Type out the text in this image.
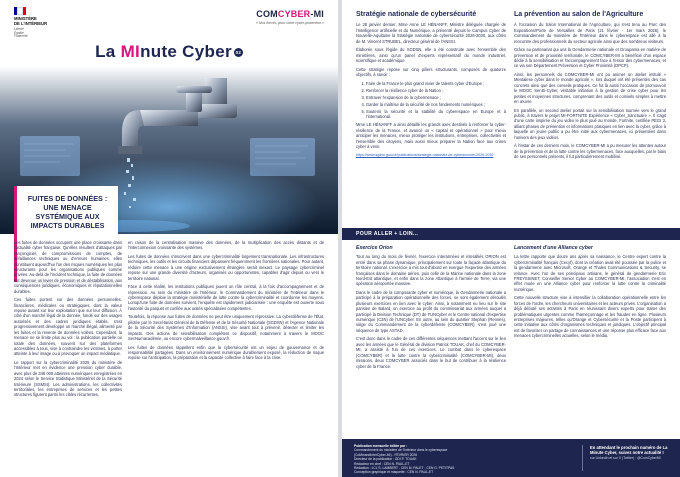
MINISTÈRE
DE L'INTÉRIEUR
Liberté
Égalité
Fraternité
COMCYBER-MI
« Nos forces, pour votre cyber-protection »
La MInute Cyber 02
FUITES DE DONNÉES : UNE MENACE SYSTÉMIQUE AUX IMPACTS DURABLES

Les fuites de données occupent une place croissante dans l'actualité cyber française. Qu'elles résultent d'attaques par rançongiciel, de compromissions de comptes, de défaillances techniques ou d'erreurs humaines, elles constituent aujourd'hui l'un des risques numériques les plus structurants pour les organisations publiques comme privées. Au-delà de l'incident technique, la fuite de données est devenue un levier de pression et de déstabilisation, aux conséquences juridiques, économiques et réputationnelles durables.

Ces fuites portent sur des données personnelles, financières, médicales ou stratégiques, dont la valeur repose autant sur leur exploitation que sur leur diffusion. À côté d'un marché légal de la donnée, fondé sur des usages autorisés et des cadres juridiques établis, s'est progressivement développé un marché illégal, alimenté par les fuites et la revente de données volées. Cependant, la menace ne se limite plus au vol : la publication partielle ou totale des données, souvent sur des plateformes accessibles à tous, vise à contraindre les victimes, à porter atteinte à leur image ou à provoquer un impact médiatique.

Le rapport sur la cybercriminalité 2025 du ministère de l'Intérieur met en évidence une pression cyber durable, avec plus de 348 000 atteintes numériques enregistrées en 2024 selon le Service Statistique Ministériel de la Sécurité Intérieure (SSMSI). Les administrations, les collectivités territoriales, les entreprises de services et les petites structures figurent parmi les cibles récurrentes,

en raison de la centralisation massive des données, de la multiplication des accès distants et de l'interconnexion croissante des systèmes.

Les fuites de données s'inscrivent dans une cybercriminalité largement transnationale. Les infrastructures techniques, les outils et les circuits financiers dépassent fréquemment les frontières nationales. Pour autant, réduire cette menace à une origine exclusivement étrangère serait inexact. Le paysage cybercriminel repose sur une grande diversité d'acteurs, organisés ou opportunistes, capables d'agir depuis ou vers le territoire national.

Face à cette réalité, les institutions publiques jouent un rôle central, à la fois d'accompagnement et de répression. Au sein du ministère de l'Intérieur, le Commandement du ministère de l'Intérieur dans le cyberespace déploie la stratégie ministérielle de lutte contre la cybercriminalité et coordonne les moyens. Lorsqu'une fuite de données survient, l'enquête est rapidement judiciarisée : une enquête est ouverte sous l'autorité du parquet et confiée aux unités spécialisées compétentes.

Toutefois, la réponse aux fuites de données ne peut être uniquement répressive. La cyberdéfense de l'État, pilotée par le Secrétariat Général de la Défense et de la Sécurité Nationale (SGDSN) et l'Agence Nationale de la Sécurité des Systèmes d'Information (ANSSI), vise avant tout à prévenir, détecter et limiter les impacts. Des actions de sensibilisation complètent ce dispositif, notamment à travers le MOOC SecNumacadémie, ou encore cybermalveillance.gouv.fr.

Les fuites de données rappellent enfin que la cybersécurité est un enjeu de gouvernance et de responsabilité partagées. Dans un environnement numérique durablement exposé, la réduction de risque repose sur l'anticipation, la préparation et la capacité collective à faire face à la crise.

Stratégie nationale de cybersécurité

Le 28 janvier dernier, Mme Anne LE HÉNANFF, Ministre déléguée chargée de l'Intelligence artificielle et du Numérique, a présenté depuis le Campus Cyber de Nouvelle-Aquitaine la Stratégie nationale de cybersécurité 2026-2030, aux côtés de M. Vincent STRUBEL, directeur général de l'ANSSI.

Élaborée sous l'égide du SGDSN, elle a été construite avec l'ensemble des ministères, ainsi qu'un panel d'experts représentatif du monde industriel, scientifique et académique.

Cette stratégie repose sur cinq piliers structurants, composés de quatorze objectifs, à savoir :

1. Faire de la France le plus grand vivier de talents cyber d'Europe ;
2. Renforcer la résilience cyber de la Nation ;
3. Entraver l'expansion de la cybermenace ;
4. Garder la maîtrise de la sécurité de nos fondements numériques ;
5. Soutenir la sécurité et la stabilité du cyberespace en Europe et à l'international.

Mme LE HÉNANFF a ainsi détaillé les grands axes destinés à renforcer la cyber-résilience de la France, et avancé un « capital et opérationnel » pour mieux anticiper les menaces, mieux protéger les institutions, entreprises, collectivités et l'ensemble des citoyens, mais aussi mieux préparer la Nation face aux crises cyber à venir.

https://www.sgdsn.gouv.fr/publications/strategie-nationale-de-cybersecurite-2026-2030
La prévention au salon de l'Agriculture

À l'occasion du Salon International de l'Agriculture, qui s'est tenu au Parc des Expositions/Porte de Versailles de Paris (21 février - 1er mars 2026), le Commandement du ministère de l'Intérieur dans le cyberespace est allé à la rencontre des professionnels du secteur agricole ainsi que des nombreux visiteurs.

Grâce au partenariat qui unit la Gendarmerie nationale et Groupama en matière de prévention et de proximité territoriale, le COMCYBER-MI a bénéficié d'un espace dédié à la sensibilisation et l'accompagnement face à l'essor des cybermenaces, et ce via son Département Prévention et Cyber Proximité (DPCP).

Ainsi, les personnels du COMCYBER-MI ont pu animer un atelier intitulé « Mentalese cyber dans le monde agricole », lors duquel ont été présentés des cas concrets ainsi que des conseils pratiques. Ce fut là aussi l'occasion de promouvoir le MOOC SenSi-Cyber, véritable initiation à la gestion de crise cyber pour les petites et moyennes structures, comprenant des outils et conseils simples à mettre en œuvre.

En parallèle, un second atelier portait sur la sensibilisation tournée vers le grand public, à travers le projet MI-FORTNITE Expérience « Cyber_Sanctuaire ». Il s'agit d'une carte inspirée du jeu vidéo le plus joué au monde, Fortnite, certifiée PEGI 3, alliant phases de prévention et informations pratiques en lien avec la cyber, grâce à laquelle un jeune public a pu être initié aux cybermenaces, ici présentées dans l'univers des jeux vidéos.

À l'instar de ces derniers mois, le COMCYBER-MI a pu mesurer les attentes autour de la prévention et de la lutte contre les cybermenaces, face auxquelles, par le biais de ses personnels présents, il fut particulièrement mobilisé.

POUR ALLER + LOIN...
Exercice Orion

Tout au long du mois de février, l'exercice interarmées et interalliés ORION est entré dans sa phase dynamique, principalement sur toute la façade atlantique du territoire national. L'exercice a mis tout d'abord en exergue l'expertise des armées françaises dans le domaine aérien, puis celle de la Marine nationale dans la zone Nord-Est atlantique, et enfin dans la zone Atlantique à l'armée de Terre, via une opération aéroportée massive.

Dans le cadre de la composante cyber et numérique, la Gendarmerie nationale a participé à la préparation opérationnelle des forces, se sont également déroulés plusieurs exercices en lien avec le cyber. Ainsi, à notamment eu lieu sur le site parisien de Balard, un exercice au profit du commissariat aux armées auquel a participé la Division Technique (DT) de FUNCyber et le Centre national d'expertise numérique (C3N) de l'UNCyber. En outre, au sein du quartier Stephan (Rennes), siège du Commandement de la cyberdéfense (COMCYBER), s'est joué une séquence de type ASTAD.

C'est donc dans le cadre de ces différentes séquences mettant l'accent sur le lien avec les armées que le Général de division Patrick TOUAK, chef du COMCYBER-MI, a assisté à l'un de ces exercices. Le combat dans le cyberespace (COMCYBER) et la lutte contre la cybercriminalité (COMCYBER-MI), deux missions, deux COMCYBER associés dans le but de contribuer à la résilience cyber de la France.

Lancement d'une Alliance cyber

La lettre rapporte que douze ans après sa naissance, le Centre expert contre la cybercriminalité français (Cecyf), dont la création avait été poussée par la police et la gendarmerie avec Microsoft, Orange et Thales Communications & Security, se relance. Avec l'un de ses principaux artisans, le général de gendarmerie Eric FREYSSINET, Conseiller Senior Cyber au COMCYBER-MI, l'association s'est en effet muée en une Alliance cyber pour renforcer la lutte contre la criminalité numérique.

Cette nouvelle structure vise à intensifier la collaboration opérationnelle entre les forces de l'ordre, les chercheurs universitaires et les acteurs privés. L'organisation a déjà débuté ses activités à Paris en réunissant divers experts pour traiter des problématiques urgentes comme l'hameçonnage et les fraudes en ligne. Plusieurs entreprises majeures, telles qu'Orange et Cybersécurité et la Poste participent à cette initiative aux côtés d'organismes techniques et juridiques. L'objectif principal est de favoriser un partage de connaissances et une réponse plus efficace face aux menaces cybercriminelles actuelles, selon le média.

Publication mensuelle éditée par :
Commandement du ministère de l'Intérieur dans le cyberespace
(CoMmandInterCyber-MI) - FÉVRIER 2026
Directeur de la publication : GDI P. TOUAK
Rédacteur en chef : CEN N. PAUL-ET
Rédaction : LCL S. LAMBERT - CEN M. PALET - CEN G. PETITPAS
Conception graphique et maquette : CEN N. PAUL-ET
En attendant le prochain numéro de La Minute Cyber, suivez notre actualité !
sur LinkedIn et sur X (Twitter) : @ComCyberMI
